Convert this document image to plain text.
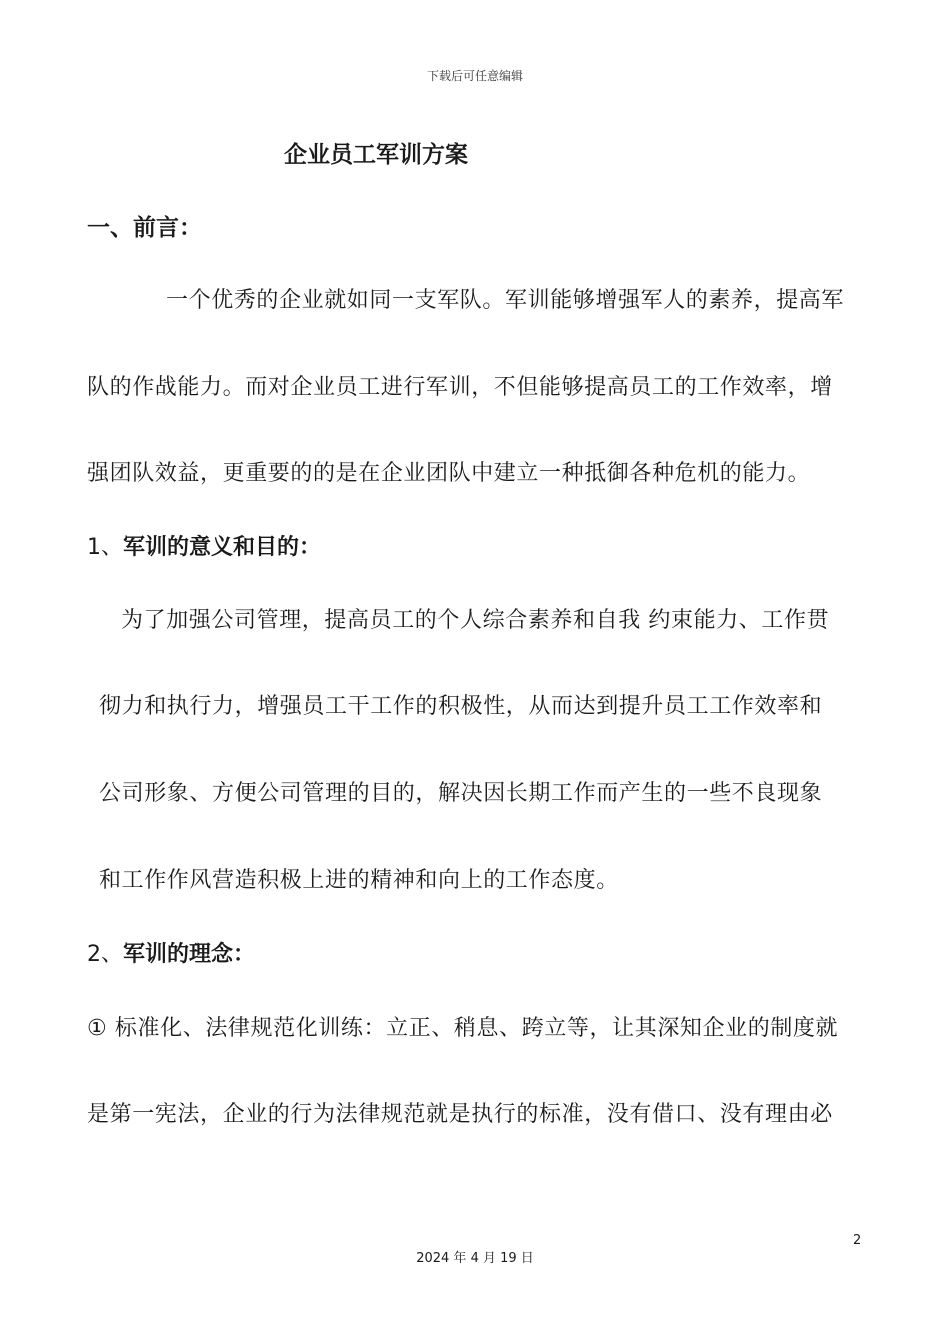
下载后可任意编辑
企业员工军训方案
一、前言：
一个优秀的企业就如同一支军队。军训能够增强军人的素养，提高军
队的作战能力。而对企业员工进行军训，不但能够提高员工的工作效率，增
强团队效益，更重要的的是在企业团队中建立一种抵御各种危机的能力。
1、军训的意义和目的：
为了加强公司管理，提高员工的个人综合素养和自我 约束能力、工作贯
彻力和执行力，增强员工干工作的积极性，从而达到提升员工工作效率和
公司形象、方便公司管理的目的，解决因长期工作而产生的一些不良现象
和工作作风营造积极上进的精神和向上的工作态度。
2、军训的理念：
① 标准化、法律规范化训练：立正、稍息、跨立等，让其深知企业的制度就
是第一宪法，企业的行为法律规范就是执行的标准，没有借口、没有理由必
2
2024 年 4 月 19 日
